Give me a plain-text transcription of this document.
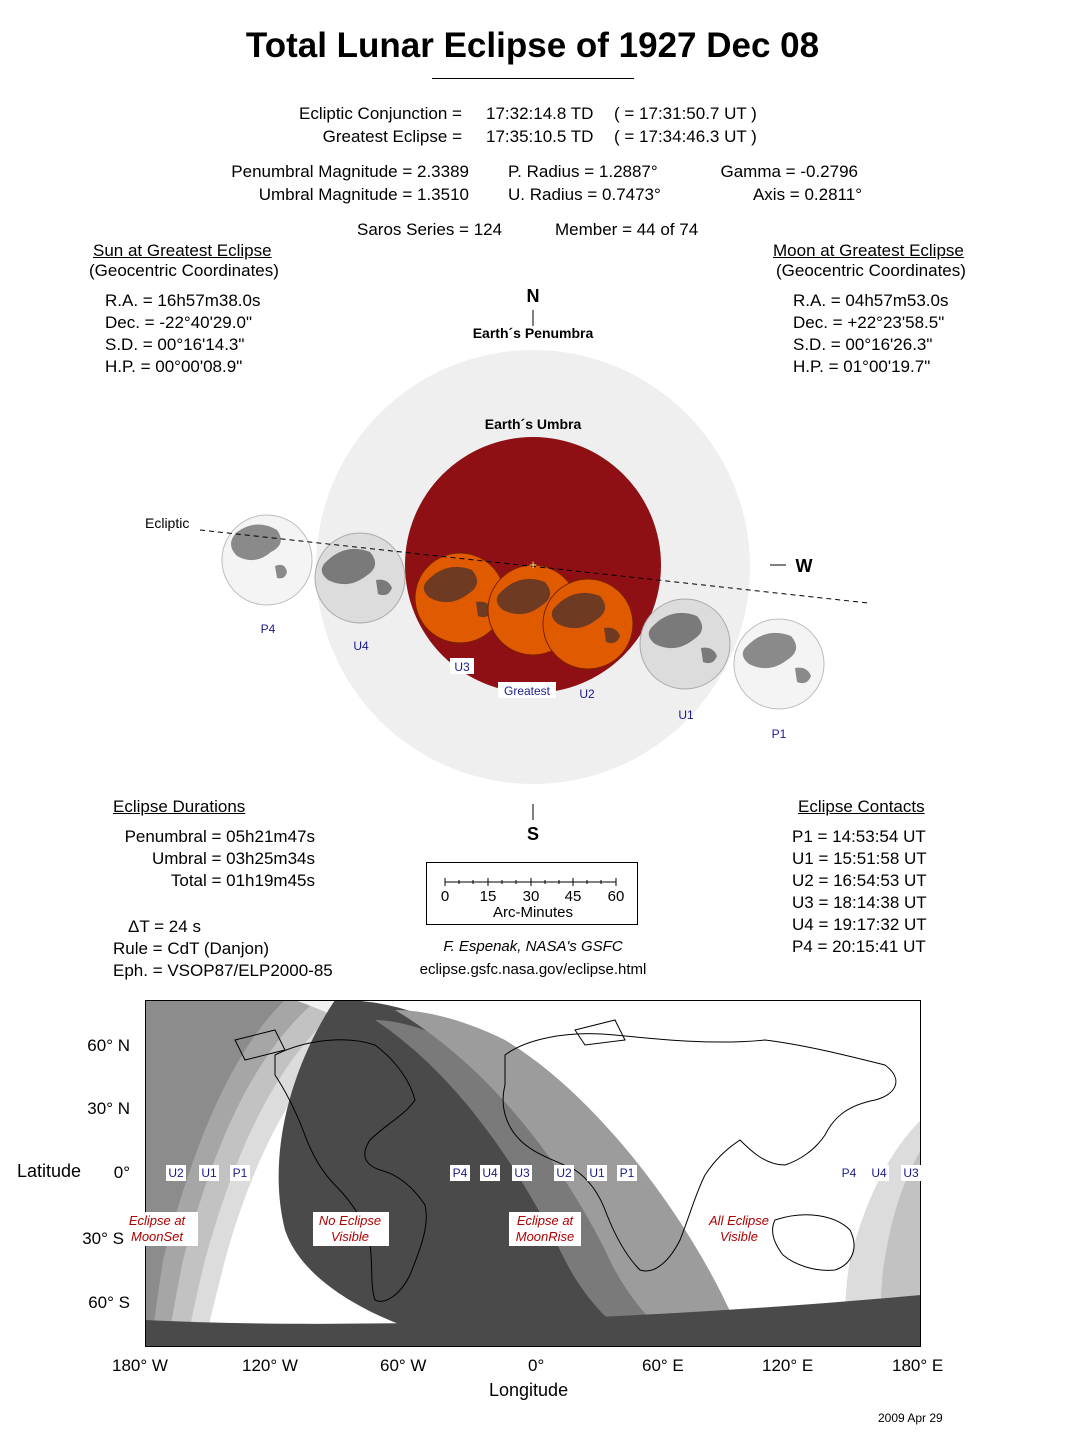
Total Lunar Eclipse of 1927 Dec 08
Ecliptic Conjunction = 17:32:14.8 TD ( = 17:31:50.7 UT )
Greatest Eclipse = 17:35:10.5 TD ( = 17:34:46.3 UT )
Penumbral Magnitude = 2.3389
Umbral Magnitude = 1.3510
P. Radius = 1.2887°
U. Radius = 0.7473°
Gamma = -0.2796
Axis = 0.2811°
Saros Series = 124	Member = 44 of 74
Sun at Greatest Eclipse
(Geocentric Coordinates)
R.A. = 16h57m38.0s
Dec. = -22°40'29.0"
S.D. = 00°16'14.3"
H.P. = 00°00'08.9"
Moon at Greatest Eclipse
(Geocentric Coordinates)
R.A. = 04h57m53.0s
Dec. = +22°23'58.5"
S.D. = 00°16'26.3"
H.P. = 01°00'19.7"
Earth´s Penumbra
Earth´s Umbra
N
S
W
Ecliptic
+
P4
U4
U3
Greatest U2
U1
P1
Eclipse Durations
Penumbral = 05h21m47s
Umbral = 03h25m34s
Total = 01h19m45s
ΔT = 24 s
Rule = CdT (Danjon)
Eph. = VSOP87/ELP2000-85
Eclipse Contacts
P1 = 14:53:54 UT
U1 = 15:51:58 UT
U2 = 16:54:53 UT
U3 = 18:14:38 UT
U4 = 19:17:32 UT
P4 = 20:15:41 UT
0 15 30 45 60
Arc-Minutes
F. Espenak, NASA's GSFC
eclipse.gsfc.nasa.gov/eclipse.html
U2 U1 P1	P4 U4 U3 U2 U1 P1	P4 U4 U3
Eclipse at
MoonSet
No Eclipse
Visible
Eclipse at
MoonRise
All Eclipse
Visible
60° N
30° N
0°
30° S
60° S
Latitude
180° W	120° W	60° W	0°	60° E	120° E	180° E
Longitude
2009 Apr 29
